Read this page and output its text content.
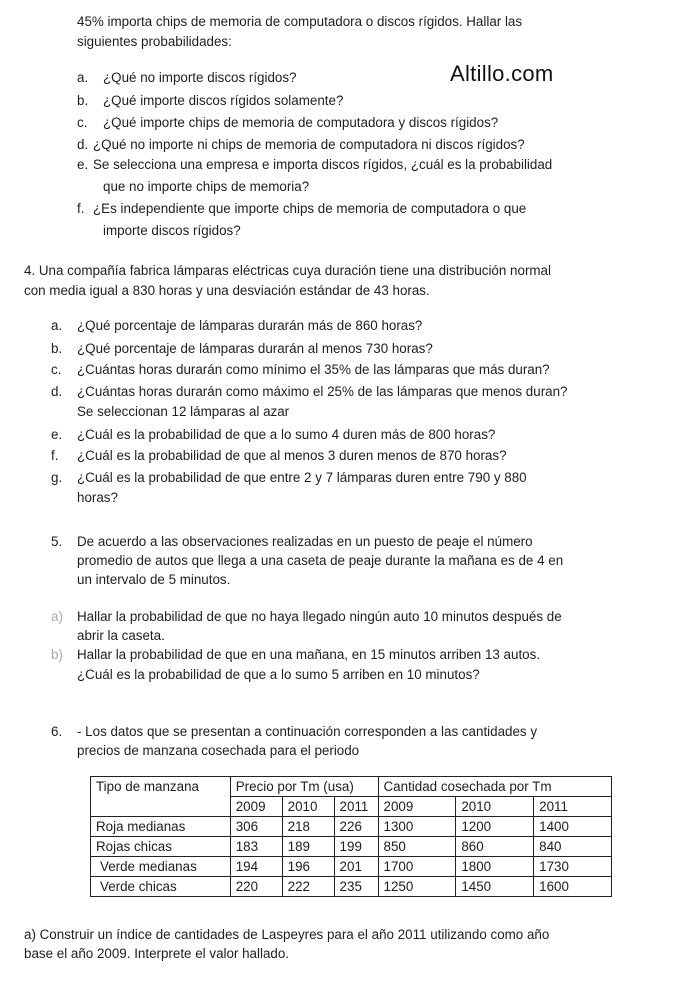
Altillo.com
45% importa chips de memoria de computadora o discos rígidos. Hallar las
siguientes probabilidades:
a. ¿Qué no importe discos rígidos?
b. ¿Qué importe discos rígidos solamente?
c. ¿Qué importe chips de memoria de computadora y discos rígidos?
d. ¿Qué no importe ni chips de memoria de computadora ni discos rígidos?
e. Se selecciona una empresa e importa discos rígidos, ¿cuál es la probabilidad
que no importe chips de memoria?
f. ¿Es independiente que importe chips de memoria de computadora o que
importe discos rígidos?
4. Una compañía fabrica lámparas eléctricas cuya duración tiene una distribución normal
con media igual a 830 horas y una desviación estándar de 43 horas.
a. ¿Qué porcentaje de lámparas durarán más de 860 horas?
b. ¿Qué porcentaje de lámparas durarán al menos 730 horas?
c. ¿Cuántas horas durarán como mínimo el 35% de las lámparas que más duran?
d. ¿Cuántas horas durarán como máximo el 25% de las lámparas que menos duran?
Se seleccionan 12 lámparas al azar
e. ¿Cuál es la probabilidad de que a lo sumo 4 duren más de 800 horas?
f. ¿Cuál es la probabilidad de que al menos 3 duren menos de 870 horas?
g. ¿Cuál es la probabilidad de que entre 2 y 7 lámparas duren entre 790 y 880
horas?
5. De acuerdo a las observaciones realizadas en un puesto de peaje el número
promedio de autos que llega a una caseta de peaje durante la mañana es de 4 en
un intervalo de 5 minutos.
a) Hallar la probabilidad de que no haya llegado ningún auto 10 minutos después de
abrir la caseta.
b) Hallar la probabilidad de que en una mañana, en 15 minutos arriben 13 autos.
¿Cuál es la probabilidad de que a lo sumo 5 arriben en 10 minutos?
6. - Los datos que se presentan a continuación corresponden a las cantidades y
precios de manzana cosechada para el periodo
Tipo de manzana	Precio por Tm (usa)			Cantidad cosechada por Tm		
	2009	2010	2011	2009	2010	2011
Roja medianas	306	218	226	1300	1200	1400
Rojas chicas	183	189	199	850	860	840
Verde medianas	194	196	201	1700	1800	1730
Verde chicas	220	222	235	1250	1450	1600
a) Construir un índice de cantidades de Laspeyres para el año 2011 utilizando como año
base el año 2009. Interprete el valor hallado.
